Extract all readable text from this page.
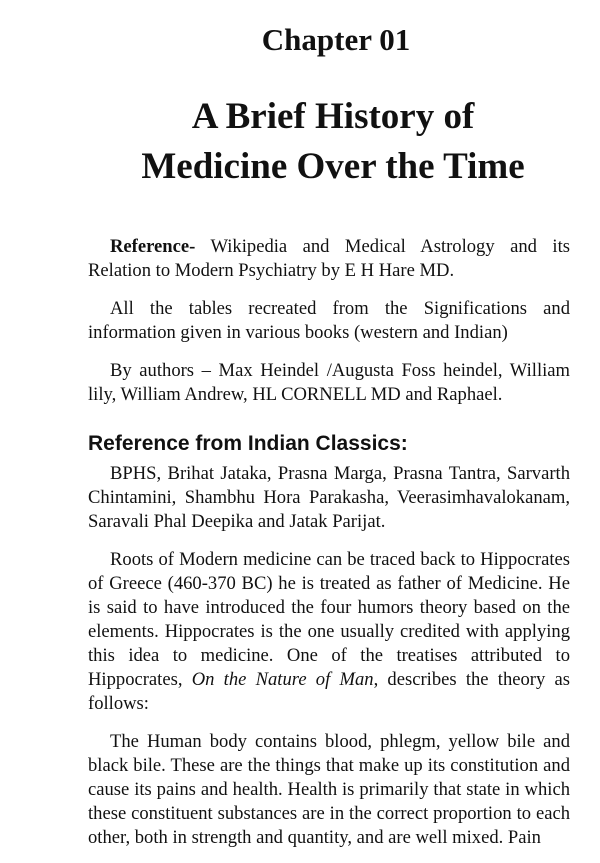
Chapter 01
A Brief History of
Medicine Over the Time

Reference- Wikipedia and Medical Astrology and its Relation to Modern Psychiatry by E H Hare MD.

All the tables recreated from the Significations and information given in various books (western and Indian)

By authors – Max Heindel /Augusta Foss heindel, William lily, William Andrew, HL CORNELL MD and Raphael.

Reference from Indian Classics:

BPHS, Brihat Jataka, Prasna Marga, Prasna Tantra, Sarvarth Chintamini, Shambhu Hora Parakasha, Veerasimhavalokanam, Saravali Phal Deepika and Jatak Parijat.

Roots of Modern medicine can be traced back to Hippocrates of Greece (460-370 BC) he is treated as father of Medicine. He is said to have introduced the four humors theory based on the elements. Hippocrates is the one usually credited with applying this idea to medicine. One of the treatises attributed to Hippocrates, On the Nature of Man, describes the theory as follows:

The Human body contains blood, phlegm, yellow bile and black bile. These are the things that make up its constitution and cause its pains and health. Health is primarily that state in which these constituent substances are in the correct proportion to each other, both in strength and quantity, and are well mixed. Pain
